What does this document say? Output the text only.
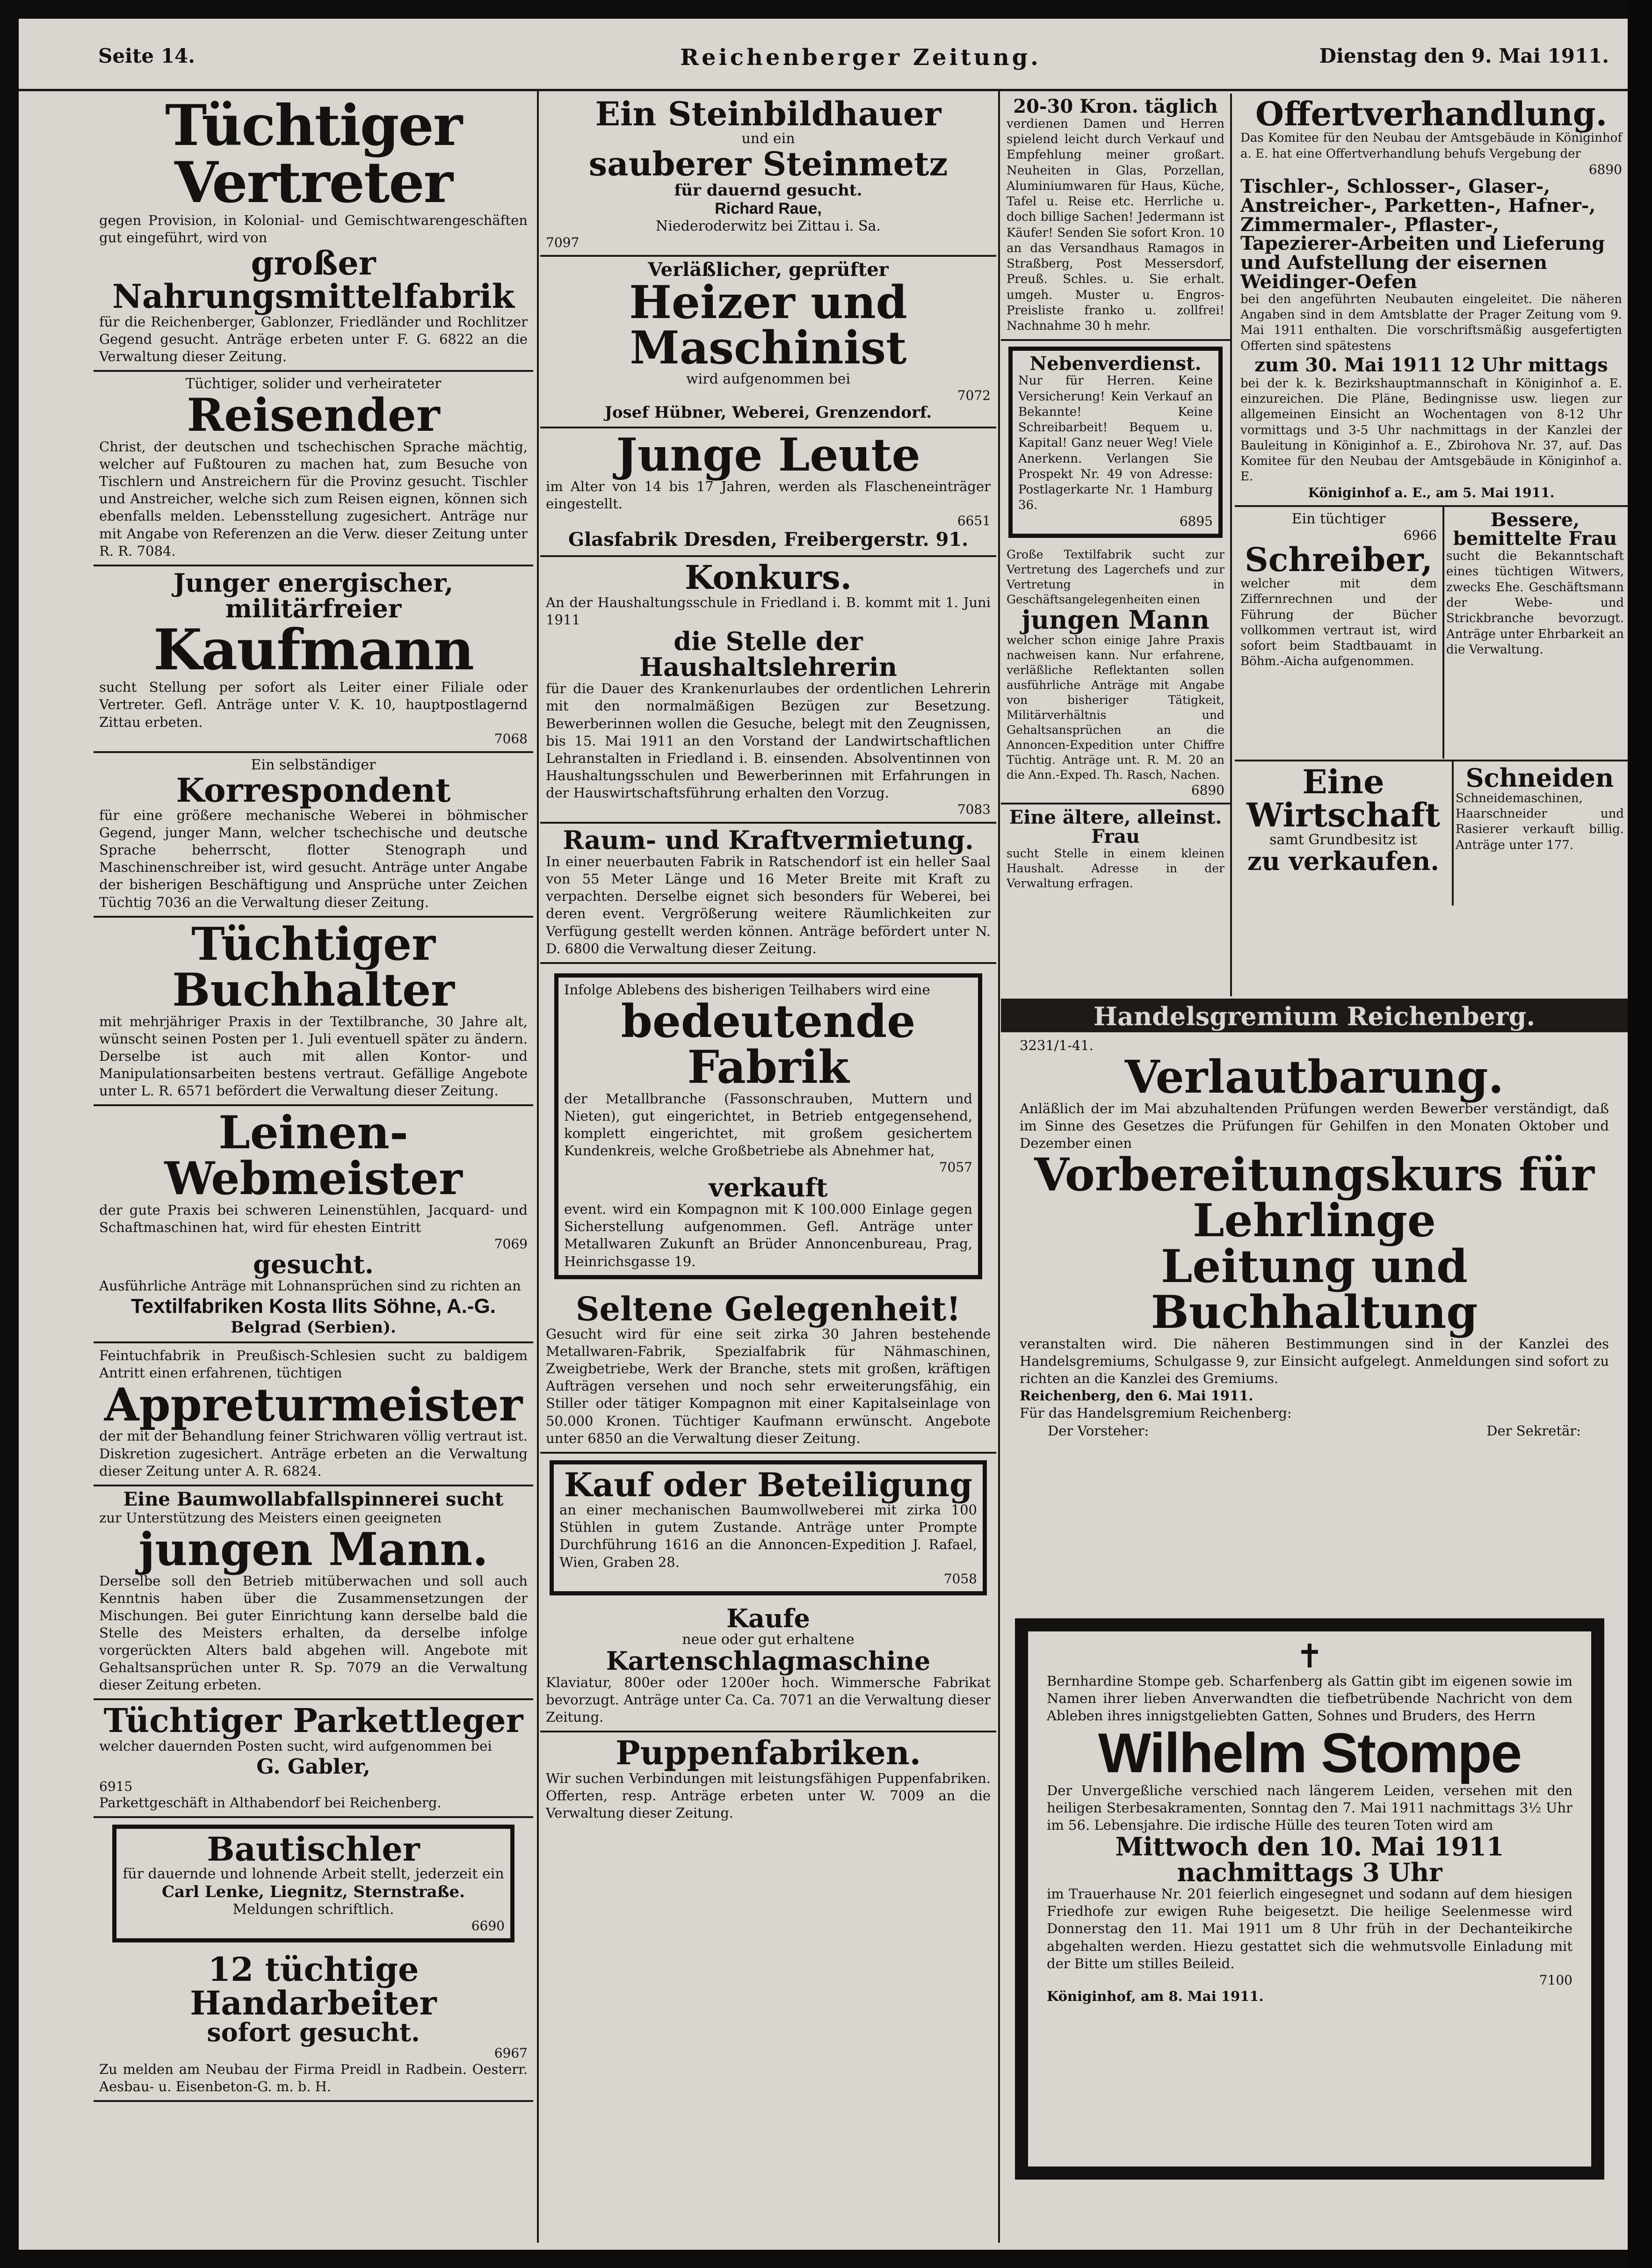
Seite 14.	Reichenberger Zeitung.	Dienstag den 9. Mai 1911.
Tüchtiger Vertreter
gegen Provision, in Kolonial- und Gemischtwarengeschäften gut eingeführt, wird von
großer Nahrungsmittelfabrik
für die Reichenberger, Gablonzer, Friedländer und Rochlitzer Gegend gesucht. Anträge erbeten unter F. G. 6822 an die Verwaltung dieser Zeitung.
Tüchtiger, solider und verheirateter
Reisender
Christ, der deutschen und tschechischen Sprache mächtig, welcher auf Fußtouren zu machen hat, zum Besuche von Tischlern und Anstreichern für die Provinz gesucht. Tischler und Anstreicher, welche sich zum Reisen eignen, können sich ebenfalls melden. Lebensstellung zugesichert. Anträge nur mit Angabe von Referenzen an die Verw. dieser Zeitung unter R. R. 7084.
Junger energischer, militärfreier
Kaufmann
sucht Stellung per sofort als Leiter einer Filiale oder Vertreter. Gefl. Anträge unter V. K. 10, hauptpostlagernd Zittau erbeten.
7068
Ein selbständiger
Korrespondent
für eine größere mechanische Weberei in böhmischer Gegend, junger Mann, welcher tschechische und deutsche Sprache beherrscht, flotter Stenograph und Maschinenschreiber ist, wird gesucht. Anträge unter Angabe der bisherigen Beschäftigung und Ansprüche unter Zeichen Tüchtig 7036 an die Verwaltung dieser Zeitung.
Tüchtiger Buchhalter
mit mehrjähriger Praxis in der Textilbranche, 30 Jahre alt, wünscht seinen Posten per 1. Juli eventuell später zu ändern. Derselbe ist auch mit allen Kontor- und Manipulationsarbeiten bestens vertraut. Gefällige Angebote unter L. R. 6571 befördert die Verwaltung dieser Zeitung.
Leinen-Webmeister
der gute Praxis bei schweren Leinenstühlen, Jacquard- und Schaftmaschinen hat, wird für ehesten Eintritt
7069
gesucht.
Ausführliche Anträge mit Lohnansprüchen sind zu richten an
Textilfabriken Kosta Ilits Söhne, A.-G.
Belgrad (Serbien).
Feintuchfabrik in Preußisch-Schlesien sucht zu baldigem Antritt einen erfahrenen, tüchtigen
Appreturmeister
der mit der Behandlung feiner Strichwaren völlig vertraut ist. Diskretion zugesichert. Anträge erbeten an die Verwaltung dieser Zeitung unter A. R. 6824.
Eine Baumwollabfallspinnerei sucht
zur Unterstützung des Meisters einen geeigneten
jungen Mann.
Derselbe soll den Betrieb mitüberwachen und soll auch Kenntnis haben über die Zusammensetzungen der Mischungen. Bei guter Einrichtung kann derselbe bald die Stelle des Meisters erhalten, da derselbe infolge vorgerückten Alters bald abgehen will. Angebote mit Gehaltsansprüchen unter R. Sp. 7079 an die Verwaltung dieser Zeitung erbeten.
Tüchtiger Parkettleger
welcher dauernden Posten sucht, wird aufgenommen bei
G. Gabler,
6915
Parkettgeschäft in Althabendorf bei Reichenberg.
Bautischler
für dauernde und lohnende Arbeit stellt, jederzeit ein
Carl Lenke, Liegnitz, Sternstraße.
Meldungen schriftlich.
6690
12 tüchtige Handarbeiter
sofort gesucht.
6967
Zu melden am Neubau der Firma Preidl in Radbein. Oesterr. Aesbau- u. Eisenbeton-G. m. b. H.
Ein Steinbildhauer
und ein
sauberer Steinmetz
für dauernd gesucht.
Richard Raue,
Niederoderwitz bei Zittau i. Sa.
7097
Verläßlicher, geprüfter
Heizer und Maschinist
wird aufgenommen bei
7072
Josef Hübner, Weberei, Grenzendorf.
Junge Leute
im Alter von 14 bis 17 Jahren, werden als Flascheneinträger eingestellt.
6651
Glasfabrik Dresden, Freibergerstr. 91.
Konkurs.
An der Haushaltungsschule in Friedland i. B. kommt mit 1. Juni 1911
die Stelle der Haushaltslehrerin
für die Dauer des Krankenurlaubes der ordentlichen Lehrerin mit den normalmäßigen Bezügen zur Besetzung. Bewerberinnen wollen die Gesuche, belegt mit den Zeugnissen, bis 15. Mai 1911 an den Vorstand der Landwirtschaftlichen Lehranstalten in Friedland i. B. einsenden. Absolventinnen von Haushaltungsschulen und Bewerberinnen mit Erfahrungen in der Hauswirtschaftsführung erhalten den Vorzug.
7083
Raum- und Kraftvermietung.
In einer neuerbauten Fabrik in Ratschendorf ist ein heller Saal von 55 Meter Länge und 16 Meter Breite mit Kraft zu verpachten. Derselbe eignet sich besonders für Weberei, bei deren event. Vergrößerung weitere Räumlichkeiten zur Verfügung gestellt werden können. Anträge befördert unter N. D. 6800 die Verwaltung dieser Zeitung.
Infolge Ablebens des bisherigen Teilhabers wird eine
bedeutende Fabrik
der Metallbranche (Fassonschrauben, Muttern und Nieten), gut eingerichtet, in Betrieb entgegensehend, komplett eingerichtet, mit großem gesichertem Kundenkreis, welche Großbetriebe als Abnehmer hat,
7057
verkauft
event. wird ein Kompagnon mit K 100.000 Einlage gegen Sicherstellung aufgenommen. Gefl. Anträge unter Metallwaren Zukunft an Brüder Annoncenbureau, Prag, Heinrichsgasse 19.
Seltene Gelegenheit!
Gesucht wird für eine seit zirka 30 Jahren bestehende Metallwaren-Fabrik, Spezialfabrik für Nähmaschinen, Zweigbetriebe, Werk der Branche, stets mit großen, kräftigen Aufträgen versehen und noch sehr erweiterungsfähig, ein Stiller oder tätiger Kompagnon mit einer Kapitalseinlage von 50.000 Kronen. Tüchtiger Kaufmann erwünscht. Angebote unter 6850 an die Verwaltung dieser Zeitung.
Kauf oder Beteiligung
an einer mechanischen Baumwollweberei mit zirka 100 Stühlen in gutem Zustande. Anträge unter Prompte Durchführung 1616 an die Annoncen-Expedition J. Rafael, Wien, Graben 28.
7058
Kaufe
neue oder gut erhaltene
Kartenschlagmaschine
Klaviatur, 800er oder 1200er hoch. Wimmersche Fabrikat bevorzugt. Anträge unter Ca. Ca. 7071 an die Verwaltung dieser Zeitung.
Puppenfabriken.
Wir suchen Verbindungen mit leistungsfähigen Puppenfabriken. Offerten, resp. Anträge erbeten unter W. 7009 an die Verwaltung dieser Zeitung.
20-30 Kron. täglich
verdienen Damen und Herren spielend leicht durch Verkauf und Empfehlung meiner großart. Neuheiten in Glas, Porzellan, Aluminiumwaren für Haus, Küche, Tafel u. Reise etc. Herrliche u. doch billige Sachen! Jedermann ist Käufer! Senden Sie sofort Kron. 10 an das Versandhaus Ramagos in Straßberg, Post Messersdorf, Preuß. Schles. u. Sie erhalt. umgeh. Muster u. Engros-Preisliste franko u. zollfrei! Nachnahme 30 h mehr.
Nebenverdienst.
Nur für Herren. Keine Versicherung! Kein Verkauf an Bekannte! Keine Schreibarbeit! Bequem u. Kapital! Ganz neuer Weg! Viele Anerkenn. Verlangen Sie Prospekt Nr. 49 von Adresse: Postlagerkarte Nr. 1 Hamburg 36.
6895
Große Textilfabrik sucht zur Vertretung des Lagerchefs und zur Vertretung in Geschäftsangelegenheiten einen
jungen Mann
welcher schon einige Jahre Praxis nachweisen kann. Nur erfahrene, verläßliche Reflektanten sollen ausführliche Anträge mit Angabe von bisheriger Tätigkeit, Militärverhältnis und Gehaltsansprüchen an die Annoncen-Expedition unter Chiffre Tüchtig. Anträge unt. R. M. 20 an die Ann.-Exped. Th. Rasch, Nachen.
6890
Eine ältere, alleinst. Frau
sucht Stelle in einem kleinen Haushalt. Adresse in der Verwaltung erfragen.
Offertverhandlung.
Das Komitee für den Neubau der Amtsgebäude in Königinhof a. E. hat eine Offertverhandlung behufs Vergebung der
6890
Tischler-, Schlosser-, Glaser-, Anstreicher-, Parketten-, Hafner-, Zimmermaler-, Pflaster-, Tapezierer-Arbeiten und Lieferung und Aufstellung der eisernen Weidinger-Oefen
bei den angeführten Neubauten eingeleitet. Die näheren Angaben sind in dem Amtsblatte der Prager Zeitung vom 9. Mai 1911 enthalten. Die vorschriftsmäßig ausgefertigten Offerten sind spätestens
zum 30. Mai 1911 12 Uhr mittags
bei der k. k. Bezirkshauptmannschaft in Königinhof a. E. einzureichen. Die Pläne, Bedingnisse usw. liegen zur allgemeinen Einsicht an Wochentagen von 8-12 Uhr vormittags und 3-5 Uhr nachmittags in der Kanzlei der Bauleitung in Königinhof a. E., Zbirohova Nr. 37, auf. Das Komitee für den Neubau der Amtsgebäude in Königinhof a. E.
Königinhof a. E., am 5. Mai 1911.
Ein tüchtiger
6966
Schreiber,
welcher mit dem Ziffernrechnen und der Führung der Bücher vollkommen vertraut ist, wird sofort beim Stadtbauamt in Böhm.-Aicha aufgenommen.
Bessere, bemittelte Frau
sucht die Bekanntschaft eines tüchtigen Witwers, zwecks Ehe. Geschäftsmann der Webe- und Strickbranche bevorzugt. Anträge unter Ehrbarkeit an die Verwaltung.
Eine Wirtschaft
samt Grundbesitz ist
zu verkaufen.
Schneiden
Schneidemaschinen, Haarschneider und Rasierer verkauft billig. Anträge unter 177.
Handelsgremium Reichenberg.
3231/1-41.
Verlautbarung.
Anläßlich der im Mai abzuhaltenden Prüfungen werden Bewerber verständigt, daß im Sinne des Gesetzes die Prüfungen für Gehilfen in den Monaten Oktober und Dezember einen
Vorbereitungskurs für Lehrlinge
Leitung und Buchhaltung
veranstalten wird. Die näheren Bestimmungen sind in der Kanzlei des Handelsgremiums, Schulgasse 9, zur Einsicht aufgelegt. Anmeldungen sind sofort zu richten an die Kanzlei des Gremiums.
Reichenberg, den 6. Mai 1911.
Für das Handelsgremium Reichenberg:
Der Vorsteher:	Der Sekretär:
✝
Bernhardine Stompe geb. Scharfenberg als Gattin gibt im eigenen sowie im Namen ihrer lieben Anverwandten die tiefbetrübende Nachricht von dem Ableben ihres innigstgeliebten Gatten, Sohnes und Bruders, des Herrn
Wilhelm Stompe
Der Unvergeßliche verschied nach längerem Leiden, versehen mit den heiligen Sterbesakramenten, Sonntag den 7. Mai 1911 nachmittags 3½ Uhr im 56. Lebensjahre. Die irdische Hülle des teuren Toten wird am
Mittwoch den 10. Mai 1911 nachmittags 3 Uhr
im Trauerhause Nr. 201 feierlich eingesegnet und sodann auf dem hiesigen Friedhofe zur ewigen Ruhe beigesetzt. Die heilige Seelenmesse wird Donnerstag den 11. Mai 1911 um 8 Uhr früh in der Dechanteikirche abgehalten werden. Hiezu gestattet sich die wehmutsvolle Einladung mit der Bitte um stilles Beileid.
7100
Königinhof, am 8. Mai 1911.
